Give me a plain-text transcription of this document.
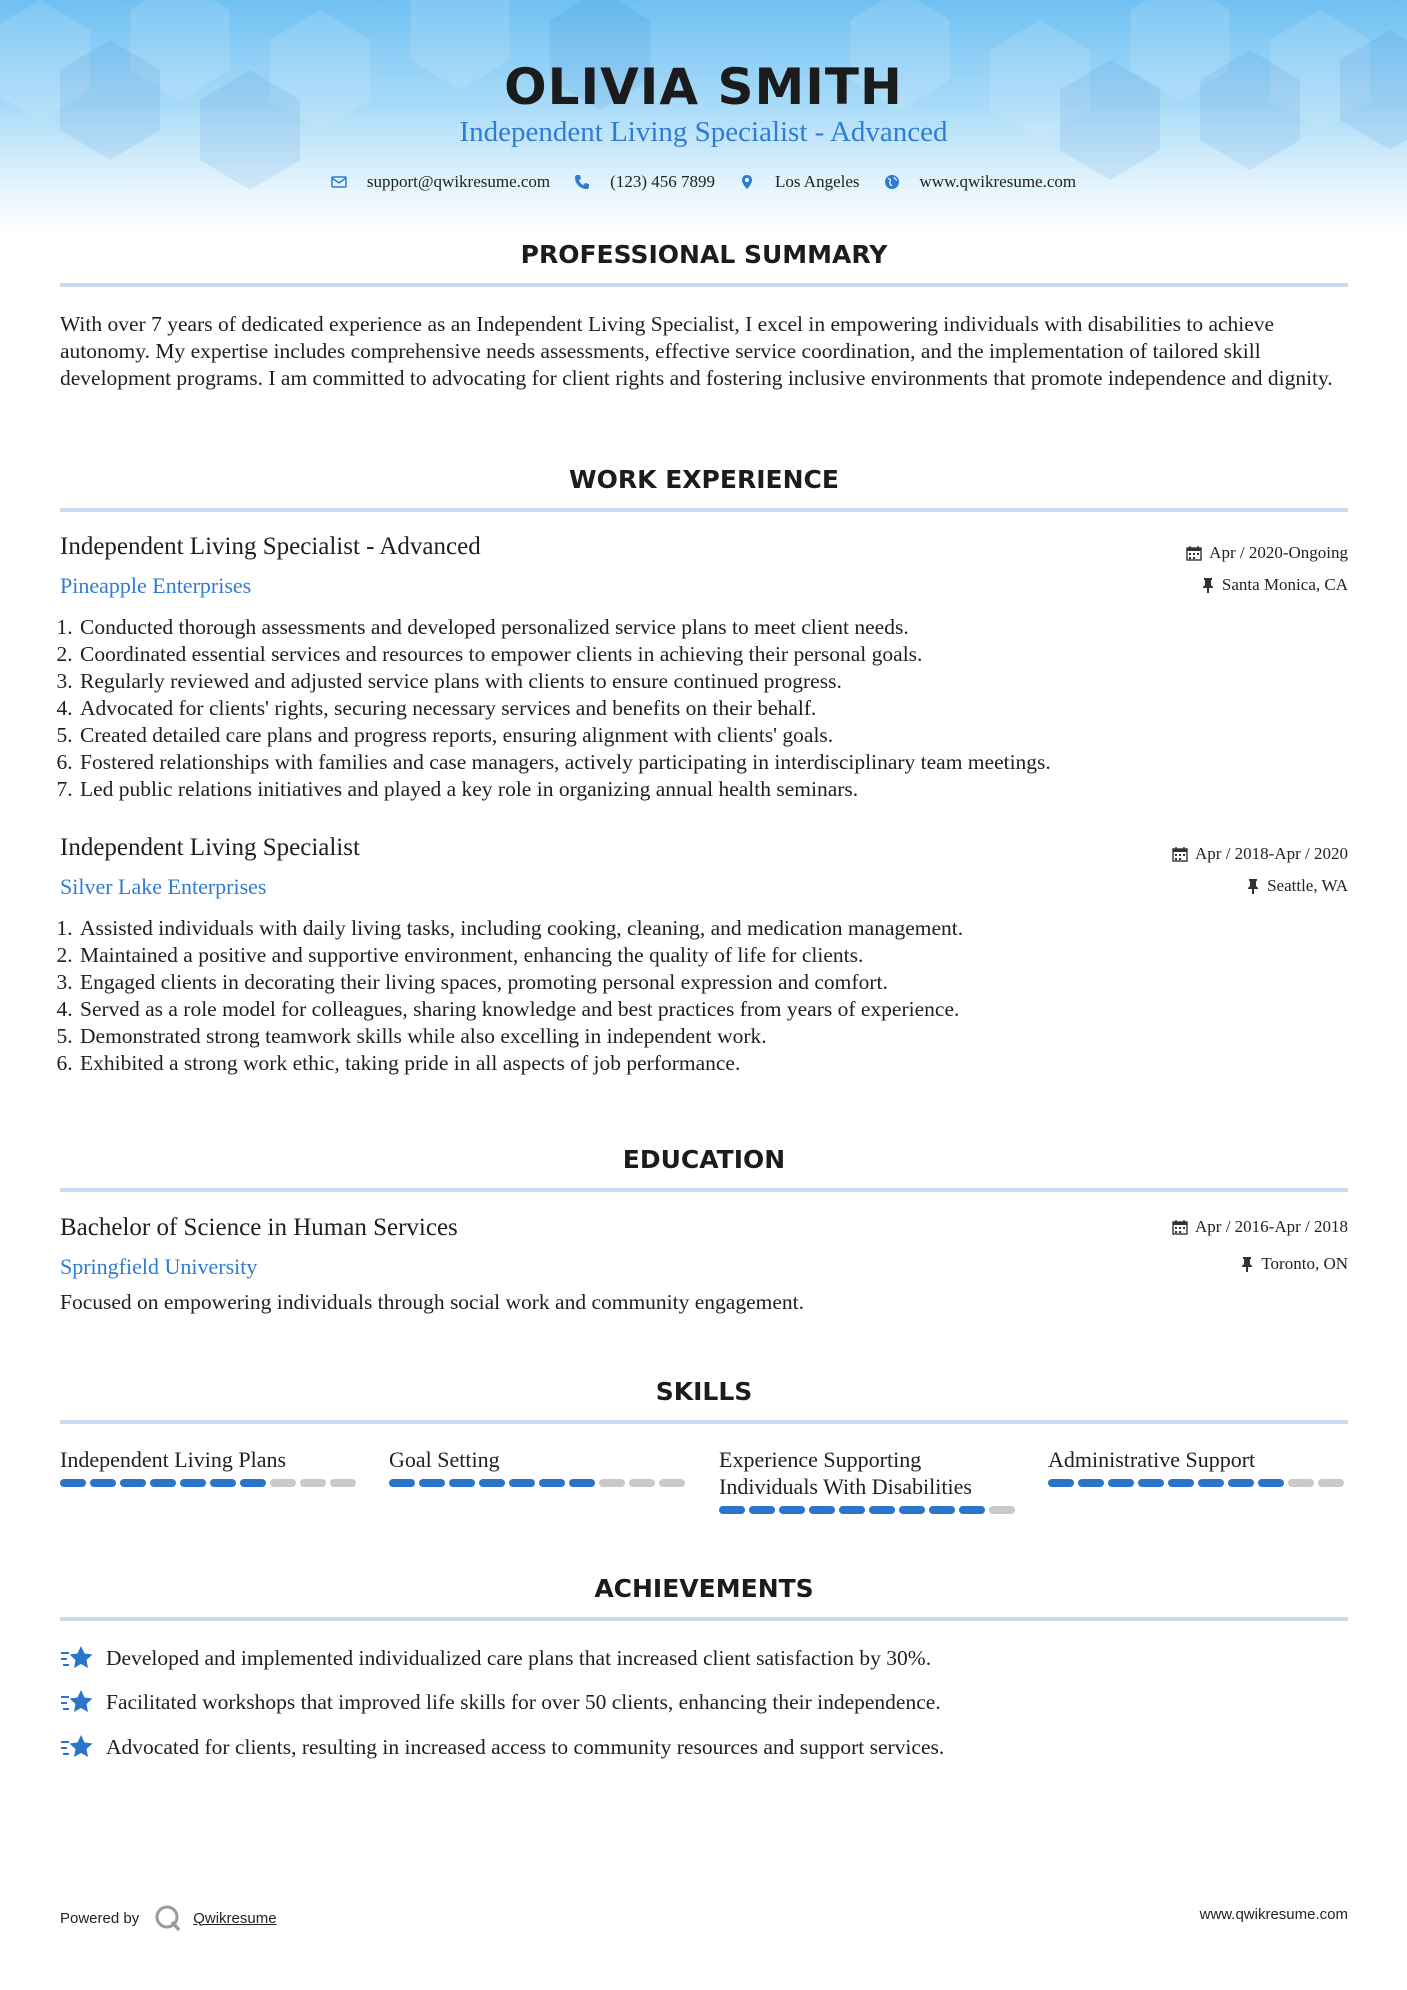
OLIVIA SMITH
Independent Living Specialist - Advanced
support@qwikresume.com	(123) 456 7899	Los Angeles	www.qwikresume.com
PROFESSIONAL SUMMARY
With over 7 years of dedicated experience as an Independent Living Specialist, I excel in empowering individuals with disabilities to achieve autonomy. My expertise includes comprehensive needs assessments, effective service coordination, and the implementation of tailored skill development programs. I am committed to advocating for client rights and fostering inclusive environments that promote independence and dignity.
WORK EXPERIENCE
Independent Living Specialist - Advanced
Pineapple Enterprises
Apr / 2020-Ongoing
Santa Monica, CA
1. Conducted thorough assessments and developed personalized service plans to meet client needs.
2. Coordinated essential services and resources to empower clients in achieving their personal goals.
3. Regularly reviewed and adjusted service plans with clients to ensure continued progress.
4. Advocated for clients' rights, securing necessary services and benefits on their behalf.
5. Created detailed care plans and progress reports, ensuring alignment with clients' goals.
6. Fostered relationships with families and case managers, actively participating in interdisciplinary team meetings.
7. Led public relations initiatives and played a key role in organizing annual health seminars.
Independent Living Specialist
Silver Lake Enterprises
Apr / 2018-Apr / 2020
Seattle, WA
1. Assisted individuals with daily living tasks, including cooking, cleaning, and medication management.
2. Maintained a positive and supportive environment, enhancing the quality of life for clients.
3. Engaged clients in decorating their living spaces, promoting personal expression and comfort.
4. Served as a role model for colleagues, sharing knowledge and best practices from years of experience.
5. Demonstrated strong teamwork skills while also excelling in independent work.
6. Exhibited a strong work ethic, taking pride in all aspects of job performance.
EDUCATION
Bachelor of Science in Human Services
Springfield University
Apr / 2016-Apr / 2018
Toronto, ON
Focused on empowering individuals through social work and community engagement.
SKILLS
Independent Living Plans	Goal Setting	Experience Supporting Individuals With Disabilities
Administrative Support
ACHIEVEMENTS
Developed and implemented individualized care plans that increased client satisfaction by 30%.
Facilitated workshops that improved life skills for over 50 clients, enhancing their independence.
Advocated for clients, resulting in increased access to community resources and support services.
Powered by	Qwikresume	www.qwikresume.com
